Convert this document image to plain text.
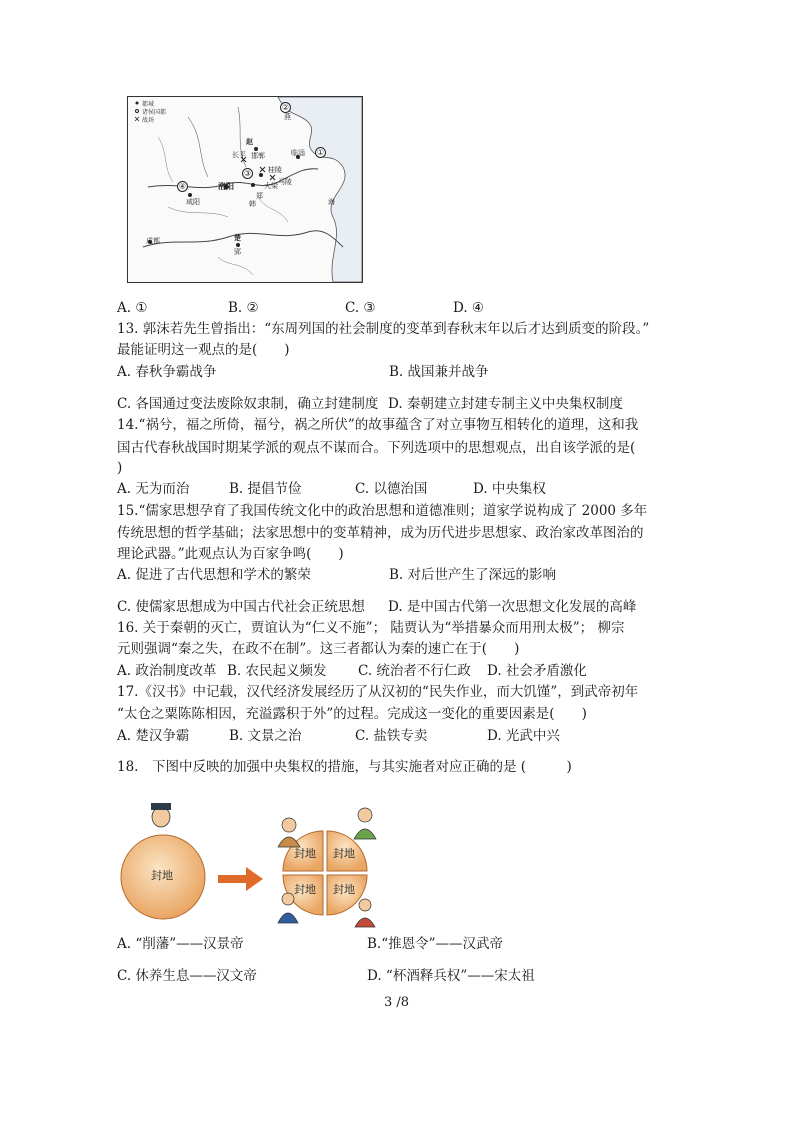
都城
诸侯国都
战场
赵
邯郸
燕
临淄
长平
桂陵
大梁
洛阳
郑
韩
咸阳
成都	楚
郢
马陵
海
①
②
③
④
A. ①	B. ②	C. ③	D. ④
13. 郭沫若先生曾指出：“东周列国的社会制度的变革到春秋末年以后才达到质变的阶段。”
最能证明这一观点的是(　　)
A. 春秋争霸战争	B. 战国兼并战争
C. 各国通过变法废除奴隶制，确立封建制度 D. 秦朝建立封建专制主义中央集权制度
14.“祸兮，福之所倚，福兮，祸之所伏”的故事蕴含了对立事物互相转化的道理，这和我
国古代春秋战国时期某学派的观点不谋而合。下列选项中的思想观点，出自该学派的是(
)
A. 无为而治	B. 提倡节俭	C. 以德治国	D. 中央集权
15.“儒家思想孕育了我国传统文化中的政治思想和道德准则；道家学说构成了 2000 多年
传统思想的哲学基础；法家思想中的变革精神，成为历代进步思想家、政治家改革图治的
理论武器。”此观点认为百家争鸣(　　)
A. 促进了古代思想和学术的繁荣	B. 对后世产生了深远的影响
C. 使儒家思想成为中国古代社会正统思想 D. 是中国古代第一次思想文化发展的高峰
16. 关于秦朝的灭亡，贾谊认为“仁义不施”； 陆贾认为“举措暴众而用刑太极”； 柳宗
元则强调“秦之失，在政不在制”。这三者都认为秦的速亡在于(　　)
A. 政治制度改革 B. 农民起义频发 C. 统治者不行仁政 D. 社会矛盾激化
17.《汉书》中记载，汉代经济发展经历了从汉初的“民失作业，而大饥馑”，到武帝初年
“太仓之粟陈陈相因，充溢露积于外”的过程。完成这一变化的重要因素是(　　)
A. 楚汉争霸	B. 文景之治	C. 盐铁专卖	D. 光武中兴
18.　下图中反映的加强中央集权的措施，与其实施者对应正确的是 (　　　)
封地
封地 封地
封地 封地
A. “削藩”——汉景帝	B.“推恩令”——汉武帝
C. 休养生息——汉文帝	D. “杯酒释兵权”——宋太祖
3 /8
